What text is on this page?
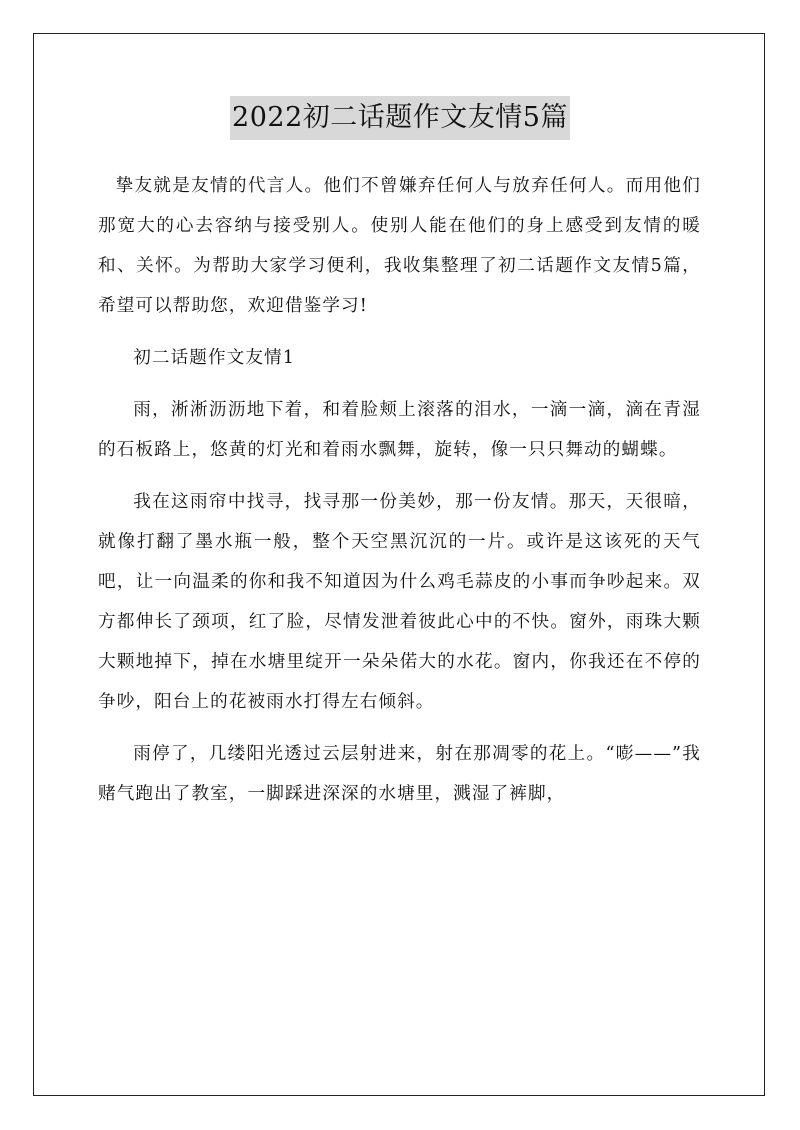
2022初二话题作文友情5篇

挚友就是友情的代言人。他们不曾嫌弃任何人与放弃任何人。而用他们那宽大的心去容纳与接受别人。使别人能在他们的身上感受到友情的暖和、关怀。为帮助大家学习便利，我收集整理了初二话题作文友情5篇，希望可以帮助您，欢迎借鉴学习!

初二话题作文友情1

雨，淅淅沥沥地下着，和着脸颊上滚落的泪水，一滴一滴，滴在青湿的石板路上，悠黄的灯光和着雨水飘舞，旋转，像一只只舞动的蝴蝶。

我在这雨帘中找寻，找寻那一份美妙，那一份友情。那天，天很暗，就像打翻了墨水瓶一般，整个天空黑沉沉的一片。或许是这该死的天气吧，让一向温柔的你和我不知道因为什么鸡毛蒜皮的小事而争吵起来。双方都伸长了颈项，红了脸，尽情发泄着彼此心中的不快。窗外，雨珠大颗大颗地掉下，掉在水塘里绽开一朵朵偌大的水花。窗内，你我还在不停的争吵，阳台上的花被雨水打得左右倾斜。

雨停了，几缕阳光透过云层射进来，射在那凋零的花上。“嘭——”我赌气跑出了教室，一脚踩进深深的水塘里，溅湿了裤脚，
